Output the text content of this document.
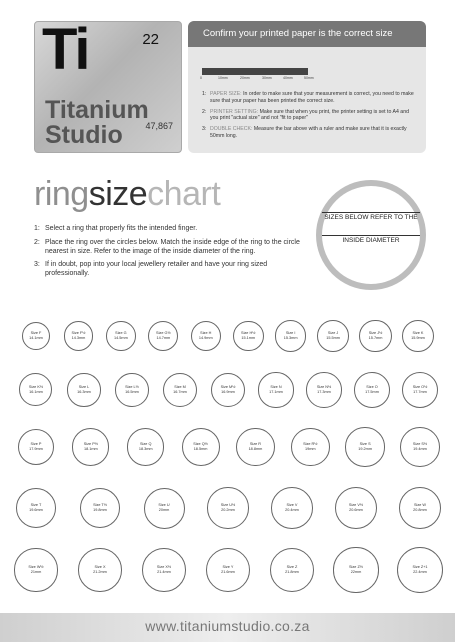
Ti	22
Titanium
Studio	47,867
Confirm your printed paper is the correct size
0	10mm	20mm	30mm	40mm	50mm
1: PAPER SIZE: In order to make sure that your measurement is correct, you need to make sure that your paper has been printed the correct size.
2: PRINTER SETTING: Make sure that when you print, the printer setting is set to A4 and you print "actual size" and not "fit to paper"
3: DOUBLE CHECK: Measure the bar above with a ruler and make sure that it is exactly 50mm long.
ringsizechart
1: Select a ring that properly fits the intended finger.
2: Place the ring over the circles below. Match the inside edge of the ring to the circle nearest in size. Refer to the image of the inside diameter of the ring.
3: If in doubt, pop into your local jewellery retailer and have your ring sized professionally.
SIZES BELOW REFER TO THE
INSIDE DIAMETER
Size F
14.1mm
Size F½
14.3mm
Size G
14.5mm
Size G½
14.7mm
Size H
14.9mm
Size H½
15.1mm
Size I
15.3mm
Size J
15.5mm
Size J½
15.7mm
Size K
15.9mm
Size K½
16.1mm
Size L
16.3mm
Size L½
16.5mm
Size M
16.7mm
Size M½
16.9mm
Size N
17.1mm
Size N½
17.3mm
Size O
17.5mm
Size O½
17.7mm
Size P
17.9mm
Size P½
18.1mm
Size Q
18.3mm
Size Q½
18.5mm
Size R
18.8mm
Size R½
19mm
Size S
19.2mm
Size S½
19.4mm
Size T
19.6mm
Size T½
19.8mm
Size U
20mm
Size U½
20.2mm
Size V
20.4mm
Size V½
20.6mm
Size W
20.8mm
Size W½
21mm
Size X
21.2mm
Size X½
21.4mm
Size Y
21.6mm
Size Z
21.8mm
Size Z½
22mm
Size Z+1
22.4mm
www.titaniumstudio.co.za
